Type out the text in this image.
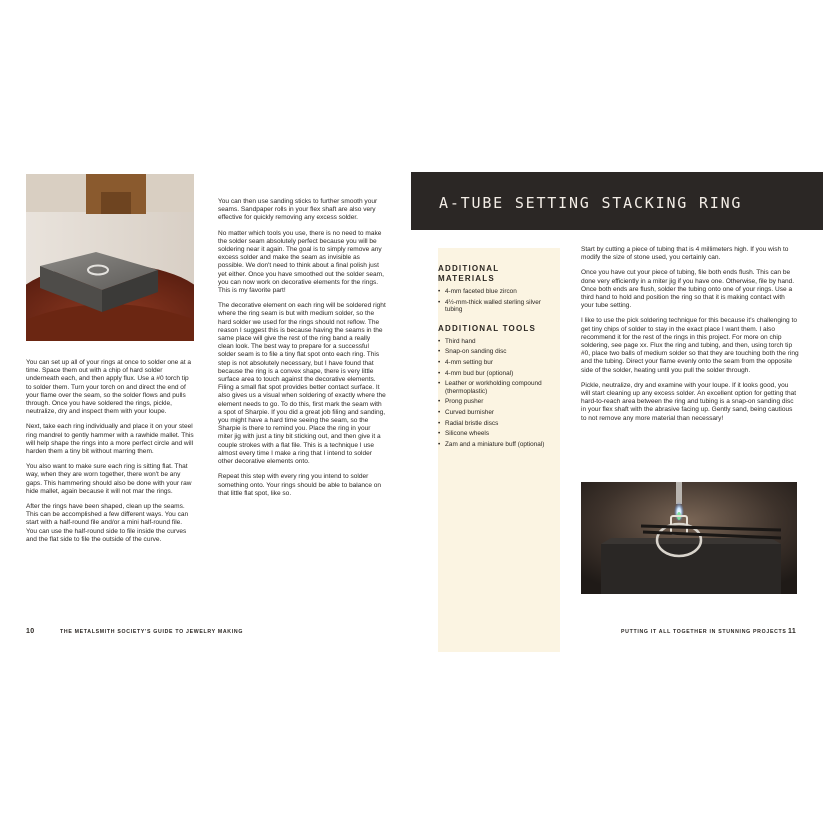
You can set up all of your rings at once to solder one at a time. Space them out with a chip of hard solder underneath each, and then apply flux. Use a #0 torch tip to solder them. Turn your torch on and direct the end of your flame over the seam, so the solder flows and pulls through. Once you have soldered the rings, pickle, neutralize, dry and inspect them with your loupe.

Next, take each ring individually and place it on your steel ring mandrel to gently hammer with a rawhide mallet. This will help shape the rings into a more perfect circle and will harden them a tiny bit without marring them.

You also want to make sure each ring is sitting flat. That way, when they are worn together, there won't be any gaps. This hammering should also be done with your raw hide mallet, again because it will not mar the rings.

After the rings have been shaped, clean up the seams. This can be accomplished a few different ways. You can start with a half-round file and/or a mini half-round file. You can use the half-round side to file inside the curves and the flat side to file the outside of the curve.

You can then use sanding sticks to further smooth your seams. Sandpaper rolls in your flex shaft are also very effective for quickly removing any excess solder.

No matter which tools you use, there is no need to make the solder seam absolutely perfect because you will be soldering near it again. The goal is to simply remove any excess solder and make the seam as invisible as possible. We don't need to think about a final polish just yet either. Once you have smoothed out the solder seam, you can now work on decorative elements for the rings. This is my favorite part!

The decorative element on each ring will be soldered right where the ring seam is but with medium solder, so the hard solder we used for the rings should not reflow. The reason I suggest this is because having the seams in the same place will give the rest of the ring band a really clean look. The best way to prepare for a successful solder seam is to file a tiny flat spot onto each ring. This step is not absolutely necessary, but I have found that because the ring is a convex shape, there is very little surface area to touch against the decorative elements. Filing a small flat spot provides better contact surface. It also gives us a visual when soldering of exactly where the element needs to go. To do this, first mark the seam with a spot of Sharpie. If you did a great job filing and sanding, you might have a hard time seeing the seam, so the Sharpie is there to remind you. Place the ring in your miter jig with just a tiny bit sticking out, and then give it a couple strokes with a flat file. This is a technique I use almost every time I make a ring that I intend to solder other decorative elements onto.

Repeat this step with every ring you intend to solder something onto. Your rings should be able to balance on that little flat spot, like so.

10	THE METALSMITH SOCIETY'S GUIDE TO JEWELRY MAKING
A-TUBE SETTING STACKING RING
ADDITIONAL MATERIALS
• 4-mm faceted blue zircon
• 4½-mm-thick walled sterling silver tubing
ADDITIONAL TOOLS
• Third hand
• Snap-on sanding disc
• 4-mm setting bur
• 4-mm bud bur (optional)
• Leather or workholding compound (thermoplastic)
• Prong pusher
• Curved burnisher
• Radial bristle discs
• Silicone wheels
• Zam and a miniature buff (optional)

Start by cutting a piece of tubing that is 4 millimeters high. If you wish to modify the size of stone used, you certainly can.

Once you have cut your piece of tubing, file both ends flush. This can be done very efficiently in a miter jig if you have one. Otherwise, file by hand. Once both ends are flush, solder the tubing onto one of your rings. Use a third hand to hold and position the ring so that it is making contact with your tube setting.

I like to use the pick soldering technique for this because it's challenging to get tiny chips of solder to stay in the exact place I want them. I also recommend it for the rest of the rings in this project. For more on chip soldering, see page xx. Flux the ring and tubing, and then, using torch tip #0, place two balls of medium solder so that they are touching both the ring and the tubing. Direct your flame evenly onto the seam from the opposite side of the solder, heating until you pull the solder through.

Pickle, neutralize, dry and examine with your loupe. If it looks good, you will start cleaning up any excess solder. An excellent option for getting that hard-to-reach area between the ring and tubing is a snap-on sanding disc in your flex shaft with the abrasive facing up. Gently sand, being cautious to not remove any more material than necessary!

PUTTING IT ALL TOGETHER IN STUNNING PROJECTS 11
